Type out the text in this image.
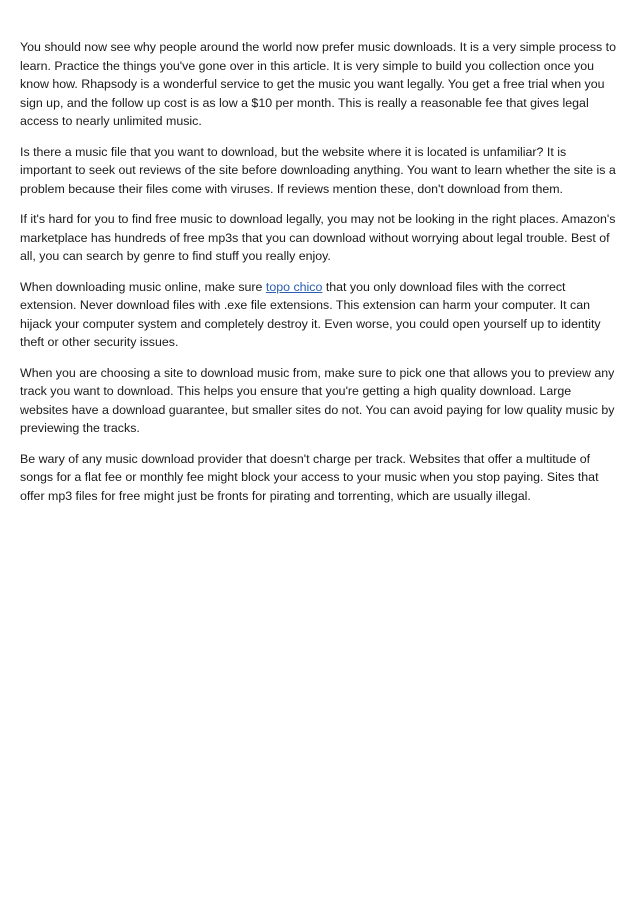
You should now see why people around the world now prefer music downloads. It is a very simple process to learn. Practice the things you've gone over in this article. It is very simple to build you collection once you know how. Rhapsody is a wonderful service to get the music you want legally. You get a free trial when you sign up, and the follow up cost is as low a $10 per month. This is really a reasonable fee that gives legal access to nearly unlimited music.

Is there a music file that you want to download, but the website where it is located is unfamiliar? It is important to seek out reviews of the site before downloading anything. You want to learn whether the site is a problem because their files come with viruses. If reviews mention these, don't download from them.

If it's hard for you to find free music to download legally, you may not be looking in the right places. Amazon's marketplace has hundreds of free mp3s that you can download without worrying about legal trouble. Best of all, you can search by genre to find stuff you really enjoy.

When downloading music online, make sure topo chico that you only download files with the correct extension. Never download files with .exe file extensions. This extension can harm your computer. It can hijack your computer system and completely destroy it. Even worse, you could open yourself up to identity theft or other security issues.

When you are choosing a site to download music from, make sure to pick one that allows you to preview any track you want to download. This helps you ensure that you're getting a high quality download. Large websites have a download guarantee, but smaller sites do not. You can avoid paying for low quality music by previewing the tracks.

Be wary of any music download provider that doesn't charge per track. Websites that offer a multitude of songs for a flat fee or monthly fee might block your access to your music when you stop paying. Sites that offer mp3 files for free might just be fronts for pirating and torrenting, which are usually illegal.
